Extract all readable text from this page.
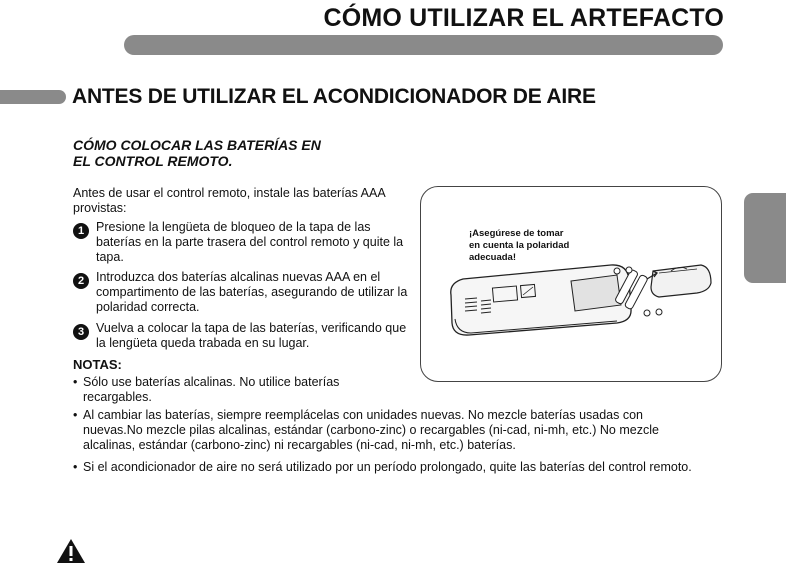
CÓMO UTILIZAR EL ARTEFACTO
ANTES DE UTILIZAR EL ACONDICIONADOR DE AIRE
CÓMO COLOCAR LAS BATERÍAS EN
EL CONTROL REMOTO.

Antes de usar el control remoto, instale las baterías AAA provistas:

1 Presione la lengüeta de bloqueo de la tapa de las baterías en la parte trasera del control remoto y quite la tapa.
2 Introduzca dos baterías alcalinas nuevas AAA en el compartimento de las baterías, asegurando de utilizar la polaridad correcta.
3 Vuelva a colocar la tapa de las baterías, verificando que la lengüeta queda trabada en su lugar.
NOTAS:
• Sólo use baterías alcalinas. No utilice baterías recargables.
• Al cambiar las baterías, siempre reemplácelas con unidades nuevas. No mezcle baterías usadas con nuevas.No mezcle pilas alcalinas, estándar (carbono-zinc) o recargables (ni-cad, ni-mh, etc.) No mezcle alcalinas, estándar (carbono-zinc) ni recargables (ni-cad, ni-mh, etc.) baterías.
• Si el acondicionador de aire no será utilizado por un período prolongado, quite las baterías del control remoto.
¡Asegúrese de tomar
en cuenta la polaridad
adecuada!
